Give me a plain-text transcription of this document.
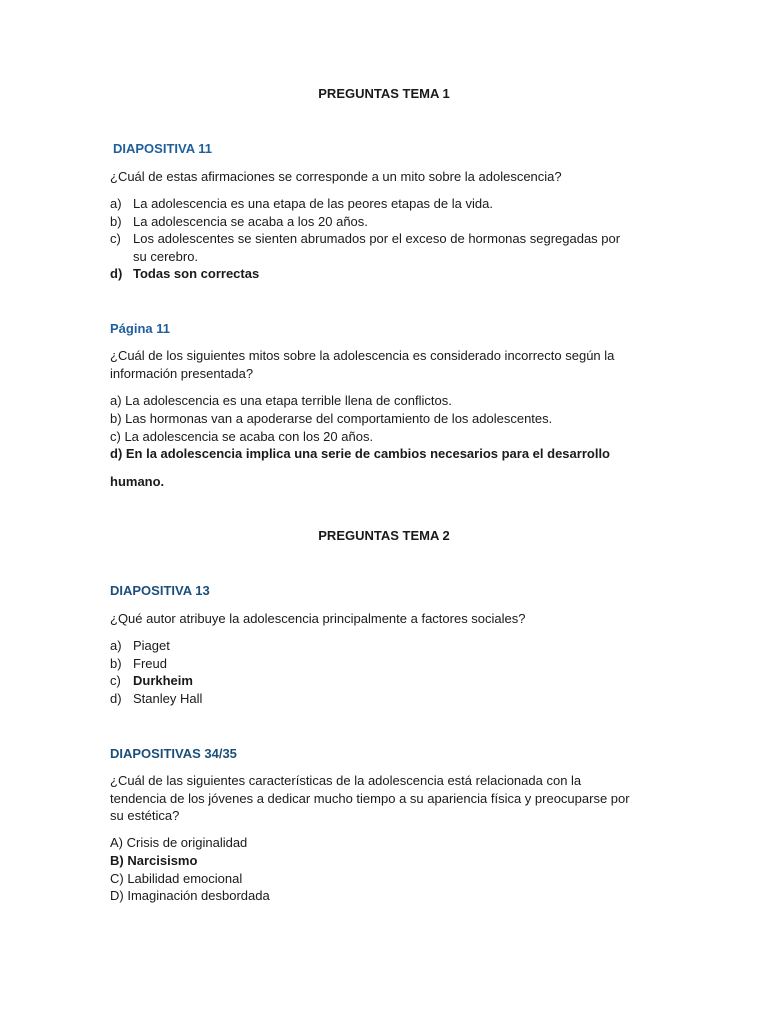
PREGUNTAS TEMA 1
DIAPOSITIVA 11
¿Cuál de estas afirmaciones se corresponde a un mito sobre la adolescencia?
a) La adolescencia es una etapa de las peores etapas de la vida.
b) La adolescencia se acaba a los 20 años.
c) Los adolescentes se sienten abrumados por el exceso de hormonas segregadas por
su cerebro.
d) Todas son correctas
Página 11
¿Cuál de los siguientes mitos sobre la adolescencia es considerado incorrecto según la
información presentada?
a) La adolescencia es una etapa terrible llena de conflictos.
b) Las hormonas van a apoderarse del comportamiento de los adolescentes.
c) La adolescencia se acaba con los 20 años.
d) En la adolescencia implica una serie de cambios necesarios para el desarrollo
humano.
PREGUNTAS TEMA 2
DIAPOSITIVA 13
¿Qué autor atribuye la adolescencia principalmente a factores sociales?
a) Piaget
b) Freud
c) Durkheim
d) Stanley Hall
DIAPOSITIVAS 34/35
¿Cuál de las siguientes características de la adolescencia está relacionada con la
tendencia de los jóvenes a dedicar mucho tiempo a su apariencia física y preocuparse por
su estética?
A) Crisis de originalidad
B) Narcisismo
C) Labilidad emocional
D) Imaginación desbordada
